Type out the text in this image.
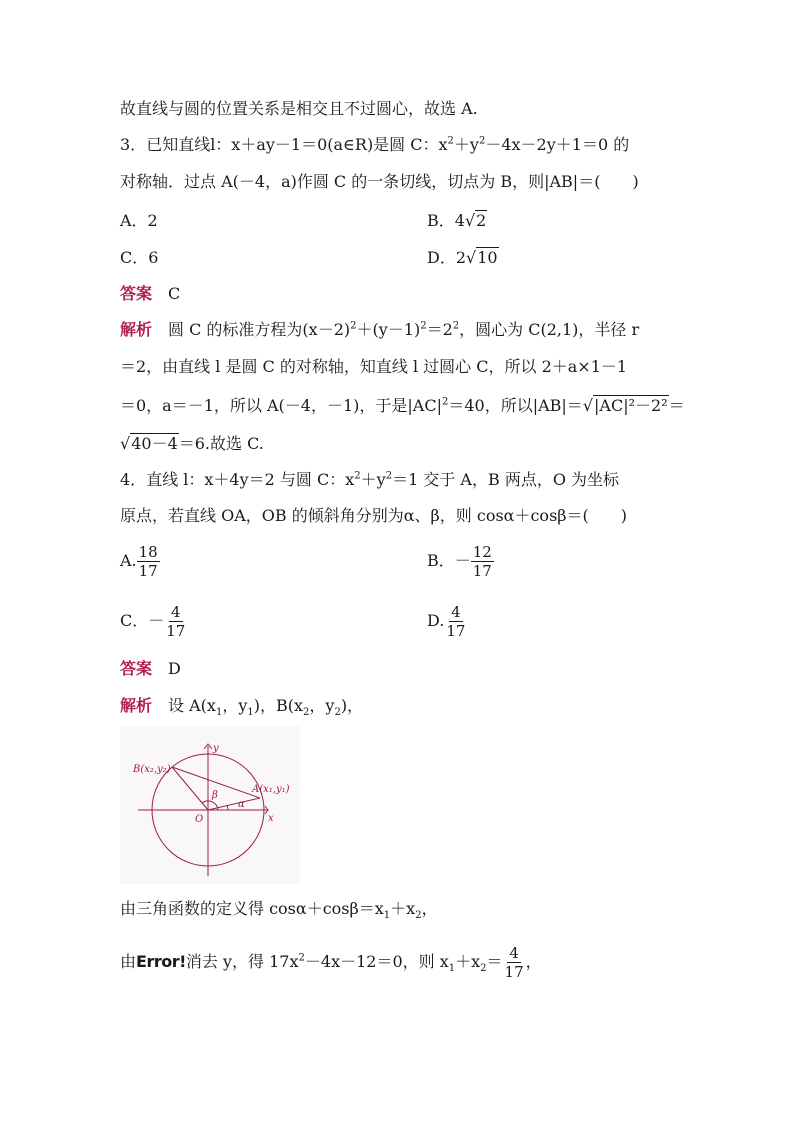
故直线与圆的位置关系是相交且不过圆心，故选 A.
3．已知直线l：x＋ay－1＝0(a∈R)是圆 C：$x^2+y^2-4x-2y+1=0$ 的
对称轴．过点 A(－4，a)作圆 C 的一条切线，切点为 B，则|AB|＝(　　)
A．2	B．4√2
C．6	D．2√10
答案 C
解析 圆 C 的标准方程为$(x-2)^2+(y-1)^2=2^2$，圆心为 C(2,1)，半径 r
＝2，由直线 l 是圆 C 的对称轴，知直线 l 过圆心 C，所以 2＋a×1－1
＝0，a＝－1，所以 A(－4，－1)，于是$|AC|^2=40$，所以|AB|＝√|AC|²－2²＝
√40－4＝6.故选 C.
4．直线 l：x＋4y＝2 与圆 C：$x^2+y^2=1$ 交于 A，B 两点，O 为坐标
原点，若直线 OA，OB 的倾斜角分别为α、β，则 cosα＋cosβ＝(　　)
A. $\frac{18}{17}$	B．－ $\frac{12}{17}$
C．－ $\frac{4}{17}$	D. $\frac{4}{17}$
答案 D
解析 设 $A(x_1$，$y_1$)，$B(x_2$，$y_2$)，
y
x
O
B(x₂,y₂)
A(x₁,y₁)
β
α
由三角函数的定义得 $\cos\alpha+\cos\beta=x_1+x_2$，
由Error!消去 y，得 $17x^2-4x-12=0$，则 $x_1+x_2= \frac{4}{17}$ ，
